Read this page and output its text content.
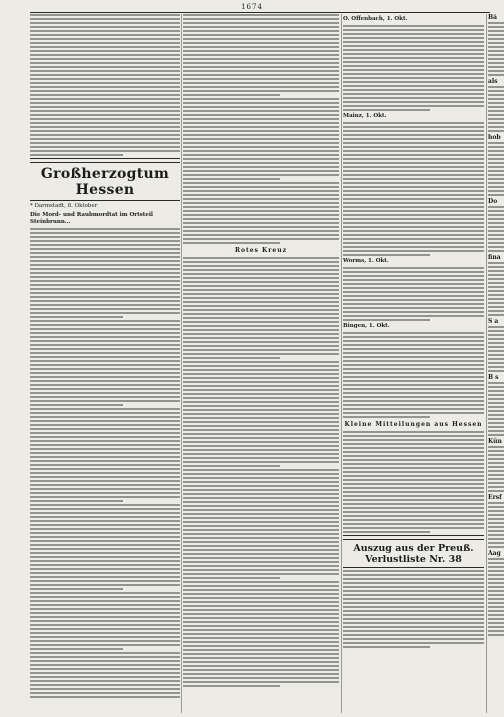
1674
Großherzogtum Hessen
* Darmstadt, 8. Oktober
Die Mord- und Raubmordtat im Ortsteil Steinbrunn...
Rotes Kreuz
O. Offenbach, 1. Okt.
Mainz, 1. Okt.
Worms, 1. Okt.
Bingen, 1. Okt.
Kleine Mitteilungen aus Hessen
Auszug aus der Preuß. Verlustliste Nr. 38
Bä
als
hob
Do
fina
S a
B s
Kün
Ersf
Aag
